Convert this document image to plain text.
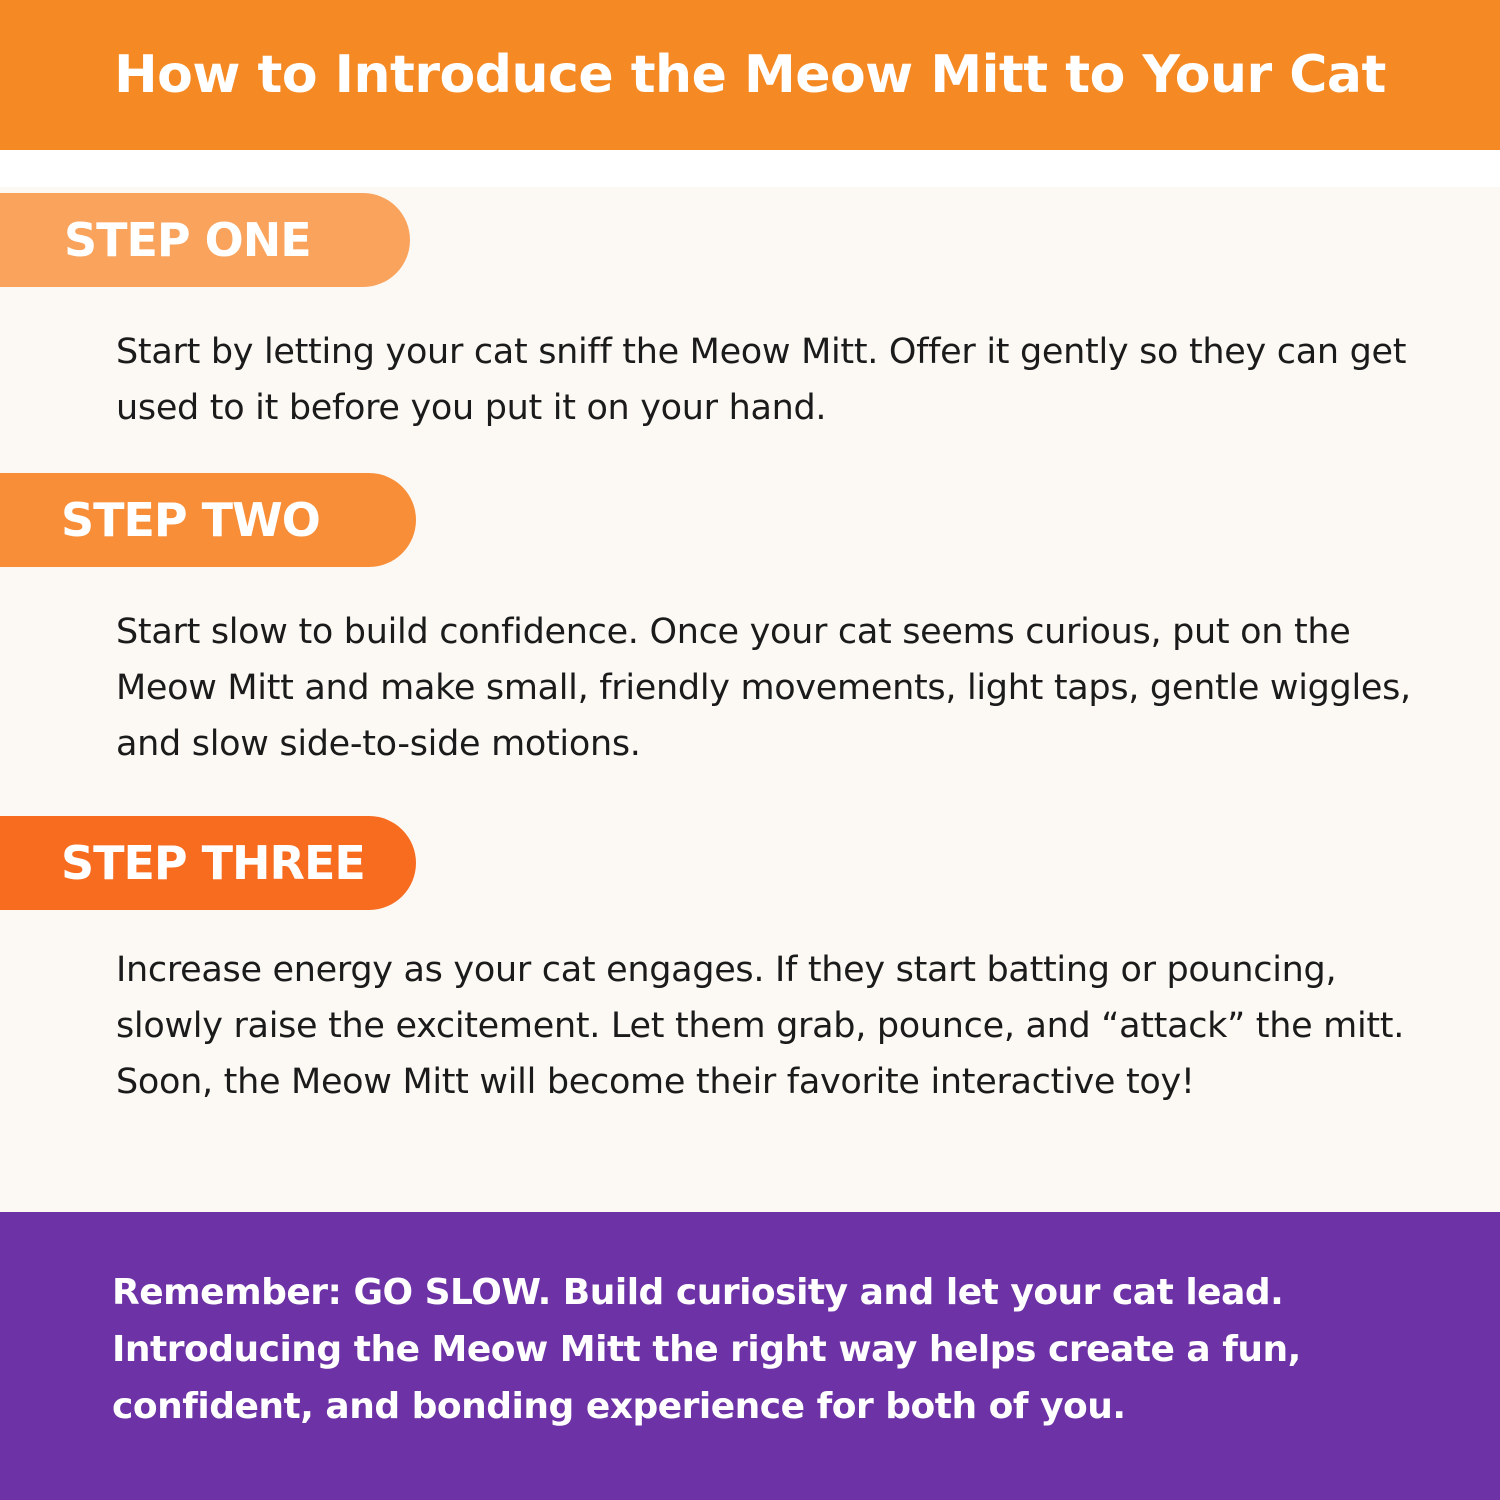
How to Introduce the Meow Mitt to Your Cat
STEP ONE
Start by letting your cat sniff the Meow Mitt. Offer it gently so they can get used to it before you put it on your hand.
STEP TWO
Start slow to build confidence. Once your cat seems curious, put on the Meow Mitt and make small, friendly movements, light taps, gentle wiggles, and slow side-to-side motions.
STEP THREE
Increase energy as your cat engages. If they start batting or pouncing, slowly raise the excitement. Let them grab, pounce, and “attack” the mitt. Soon, the Meow Mitt will become their favorite interactive toy!
Remember: GO SLOW. Build curiosity and let your cat lead. Introducing the Meow Mitt the right way helps create a fun, confident, and bonding experience for both of you.
